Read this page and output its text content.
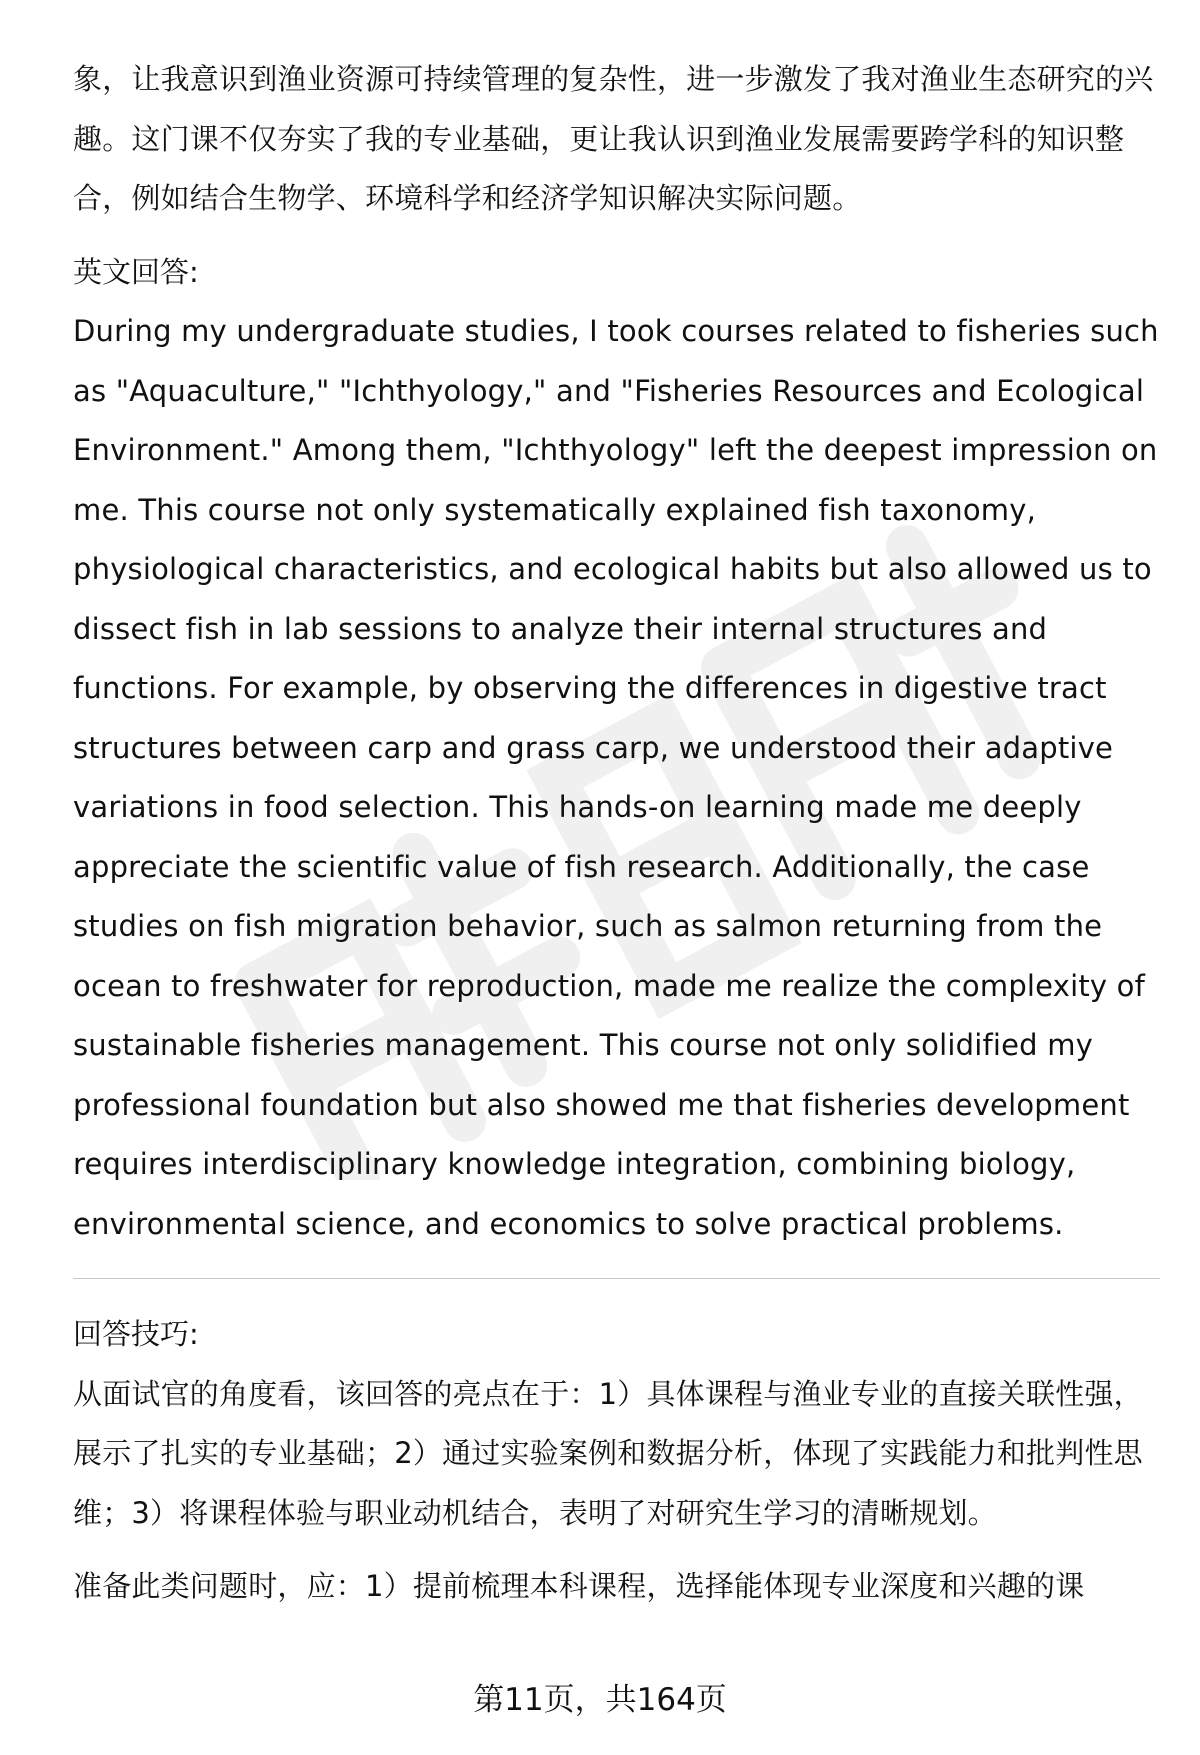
象，让我意识到渔业资源可持续管理的复杂性，进一步激发了我对渔业生态研究的兴趣。这门课不仅夯实了我的专业基础，更让我认识到渔业发展需要跨学科的知识整合，例如结合生物学、环境科学和经济学知识解决实际问题。

英文回答:

During my undergraduate studies, I took courses related to fisheries such as "Aquaculture," "Ichthyology," and "Fisheries Resources and Ecological Environment." Among them, "Ichthyology" left the deepest impression on me. This course not only systematically explained fish taxonomy, physiological characteristics, and ecological habits but also allowed us to dissect fish in lab sessions to analyze their internal structures and functions. For example, by observing the differences in digestive tract structures between carp and grass carp, we understood their adaptive variations in food selection. This hands-on learning made me deeply appreciate the scientific value of fish research. Additionally, the case studies on fish migration behavior, such as salmon returning from the ocean to freshwater for reproduction, made me realize the complexity of sustainable fisheries management. This course not only solidified my professional foundation but also showed me that fisheries development requires interdisciplinary knowledge integration, combining biology, environmental science, and economics to solve practical problems.

回答技巧:

从面试官的角度看，该回答的亮点在于：1）具体课程与渔业专业的直接关联性强，展示了扎实的专业基础；2）通过实验案例和数据分析，体现了实践能力和批判性思维；3）将课程体验与职业动机结合，表明了对研究生学习的清晰规划。

准备此类问题时，应：1）提前梳理本科课程，选择能体现专业深度和兴趣的课

第11页，共164页
